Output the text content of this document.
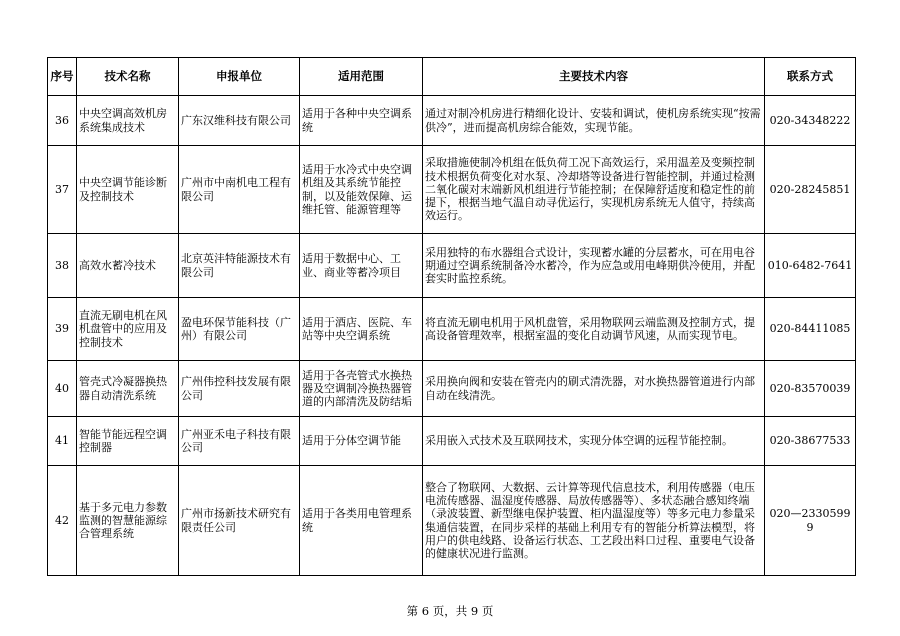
序号	技术名称	申报单位	适用范围	主要技术内容	联系方式
36	中央空调高效机房系统集成技术	广东汉维科技有限公司	适用于各种中央空调系统	通过对制冷机房进行精细化设计、安装和调试，使机房系统实现“按需供冷”，进而提高机房综合能效，实现节能。	020-34348222
37	中央空调节能诊断及控制技术	广州市中南机电工程有限公司	适用于水冷式中央空调机组及其系统节能控制，以及能效保障、运维托管、能源管理等	采取措施使制冷机组在低负荷工况下高效运行，采用温差及变频控制技术根据负荷变化对水泵、冷却塔等设备进行智能控制，并通过检测二氧化碳对末端新风机组进行节能控制；在保障舒适度和稳定性的前提下，根据当地气温自动寻优运行，实现机房系统无人值守，持续高效运行。	020-28245851
38	高效水蓄冷技术	北京英沣特能源技术有限公司	适用于数据中心、工业、商业等蓄冷项目	采用独特的布水器组合式设计，实现蓄水罐的分层蓄水，可在用电谷期通过空调系统制备冷水蓄冷，作为应急或用电峰期供冷使用，并配套实时监控系统。	010-6482-7641
39	直流无刷电机在风机盘管中的应用及控制技术	盈电环保节能科技（广州）有限公司	适用于酒店、医院、车站等中央空调系统	将直流无刷电机用于风机盘管，采用物联网云端监测及控制方式，提高设备管理效率，根据室温的变化自动调节风速，从而实现节电。	020-84411085
40	管壳式冷凝器换热器自动清洗系统	广州伟控科技发展有限公司	适用于各壳管式水换热器及空调制冷换热器管道的内部清洗及防结垢	采用换向阀和安装在管壳内的刷式清洗器，对水换热器管道进行内部自动在线清洗。	020-83570039
41	智能节能远程空调控制器	广州亚禾电子科技有限公司	适用于分体空调节能	采用嵌入式技术及互联网技术，实现分体空调的远程节能控制。	020-38677533
42	基于多元电力参数监测的智慧能源综合管理系统	广州市扬新技术研究有限责任公司	适用于各类用电管理系统	整合了物联网、大数据、云计算等现代信息技术，利用传感器（电压电流传感器、温湿度传感器、局放传感器等）、多状态融合感知终端（录波装置、新型继电保护装置、柜内温湿度等）等多元电力参量采集通信装置，在同步采样的基础上利用专有的智能分析算法模型，将用户的供电线路、设备运行状态、工艺段出料口过程、重要电气设备的健康状况进行监测。	020—23305999
第 6 页，共 9 页
